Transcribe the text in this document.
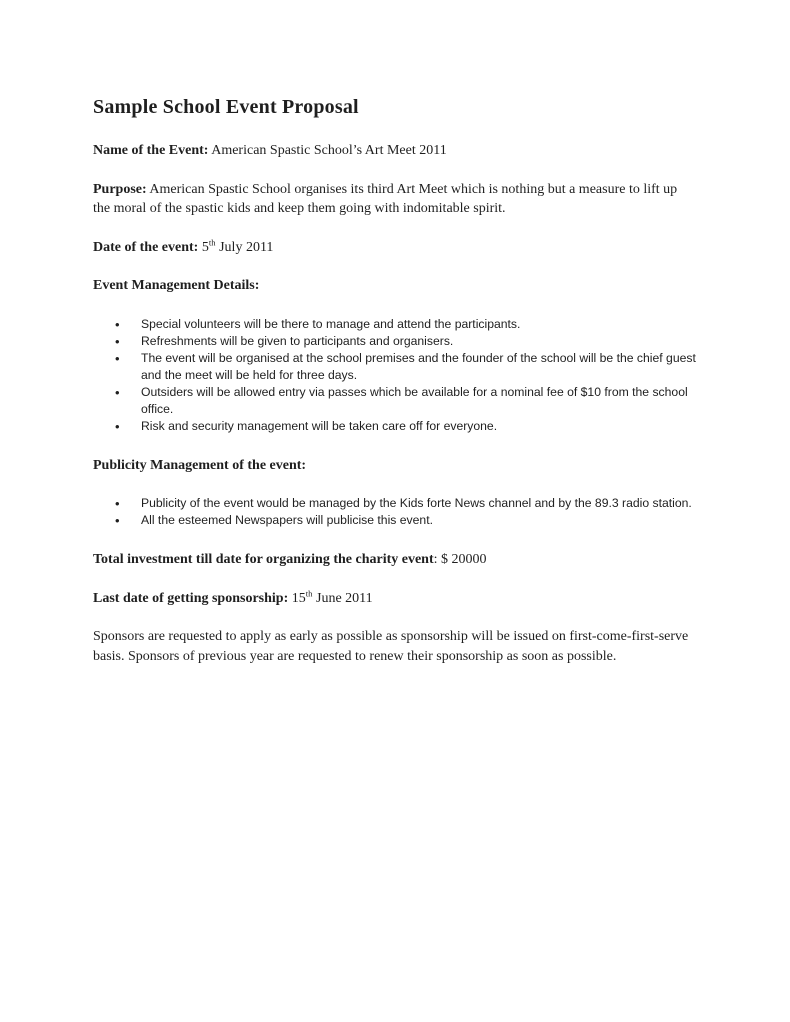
Sample School Event Proposal

Name of the Event: American Spastic School’s Art Meet 2011

Purpose: American Spastic School organises its third Art Meet which is nothing but a measure to lift up the moral of the spastic kids and keep them going with indomitable spirit.

Date of the event: 5th July 2011

Event Management Details:

• Special volunteers will be there to manage and attend the participants.
• Refreshments will be given to participants and organisers.
• The event will be organised at the school premises and the founder of the school will be the chief guest and the meet will be held for three days.
• Outsiders will be allowed entry via passes which be available for a nominal fee of $10 from the school office.
• Risk and security management will be taken care off for everyone.

Publicity Management of the event:

• Publicity of the event would be managed by the Kids forte News channel and by the 89.3 radio station.
• All the esteemed Newspapers will publicise this event.

Total investment till date for organizing the charity event: $ 20000

Last date of getting sponsorship: 15th June 2011

Sponsors are requested to apply as early as possible as sponsorship will be issued on first-come-first-serve basis. Sponsors of previous year are requested to renew their sponsorship as soon as possible.
